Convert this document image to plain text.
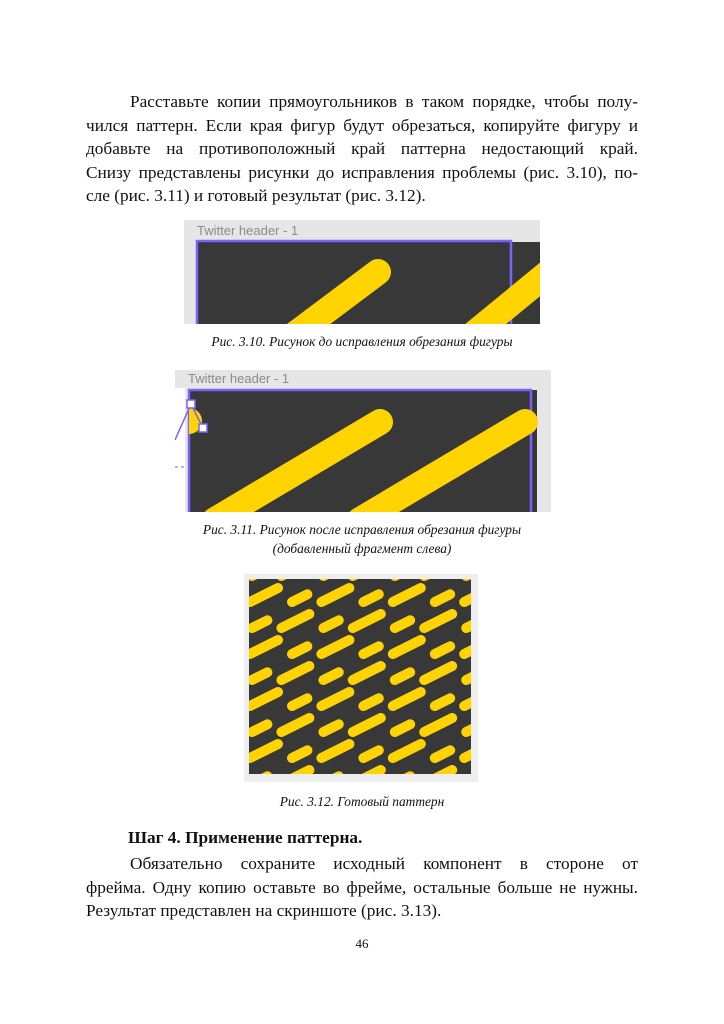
Расставьте копии прямоугольников в таком порядке, чтобы полу-
чился паттерн. Если края фигур будут обрезаться, копируйте фигуру и
добавьте на противоположный край паттерна недостающий край.
Снизу представлены рисунки до исправления проблемы (рис. 3.10), по-
сле (рис. 3.11) и готовый результат (рис. 3.12).

Twitter header - 1
Рис. 3.10. Рисунок до исправления обрезания фигуры
Twitter header - 1
Рис. 3.11. Рисунок после исправления обрезания фигуры
(добавленный фрагмент слева)
Рис. 3.12. Готовый паттерн
Шаг 4. Применение паттерна.

Обязательно сохраните исходный компонент в стороне от
фрейма. Одну копию оставьте во фрейме, остальные больше не нужны.
Результат представлен на скриншоте (рис. 3.13).

46
